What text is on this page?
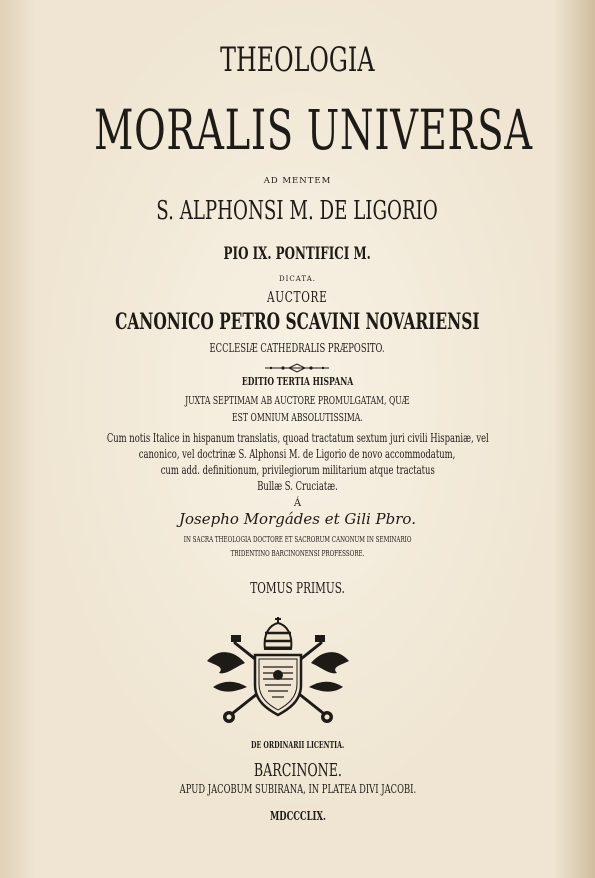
THEOLOGIA
MORALIS UNIVERSA
AD MENTEM
S. ALPHONSI M. DE LIGORIO
PIO IX. PONTIFICI M.
DICATA.
AUCTORE
CANONICO PETRO SCAVINI NOVARIENSI
ECCLESIÆ CATHEDRALIS PRÆPOSITO.
EDITIO TERTIA HISPANA
JUXTA SEPTIMAM AB AUCTORE PROMULGATAM, QUÆ
EST OMNIUM ABSOLUTISSIMA.
Cum notis Italice in hispanum translatis, quoad tractatum sextum juri civili Hispaniæ, vel
canonico, vel doctrinæ S. Alphonsi M. de Ligorio de novo accommodatum,
cum add. definitionum, privilegiorum militarium atque tractatus
Bullæ S. Cruciatæ.
Á
Josepho Morgádes et Gili Pbro.
IN SACRA THEOLOGIA DOCTORE ET SACRORUM CANONUM IN SEMINARIO
TRIDENTINO BARCINONENSI PROFESSORE.
TOMUS PRIMUS.
DE ORDINARII LICENTIA.
BARCINONE.
APUD JACOBUM SUBIRANA, IN PLATEA DIVI JACOBI.
MDCCCLIX.
